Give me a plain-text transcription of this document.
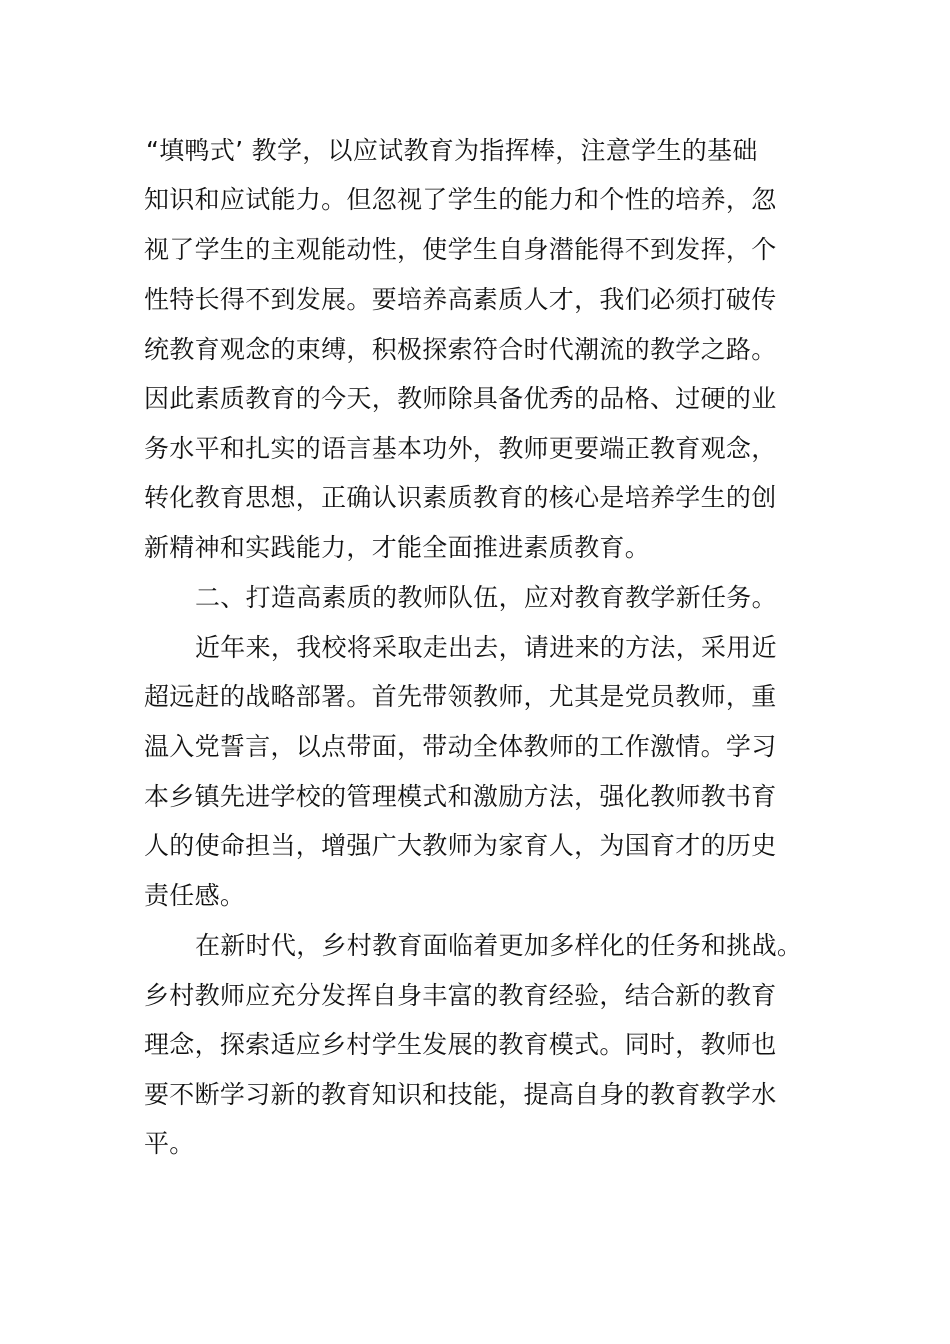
“填鸭式’ 教学，以应试教育为指挥棒，注意学生的基础
知识和应试能力。但忽视了学生的能力和个性的培养，忽
视了学生的主观能动性，使学生自身潜能得不到发挥，个
性特长得不到发展。要培养高素质人才，我们必须打破传
统教育观念的束缚，积极探索符合时代潮流的教学之路。
因此素质教育的今天，教师除具备优秀的品格、过硬的业
务水平和扎实的语言基本功外，教师更要端正教育观念，
转化教育思想，正确认识素质教育的核心是培养学生的创
新精神和实践能力，才能全面推进素质教育。
二、打造高素质的教师队伍，应对教育教学新任务。
近年来，我校将采取走出去，请进来的方法，采用近
超远赶的战略部署。首先带领教师，尤其是党员教师，重
温入党誓言，以点带面，带动全体教师的工作激情。学习
本乡镇先进学校的管理模式和激励方法，强化教师教书育
人的使命担当，增强广大教师为家育人，为国育才的历史
责任感。
在新时代，乡村教育面临着更加多样化的任务和挑战。
乡村教师应充分发挥自身丰富的教育经验，结合新的教育
理念，探索适应乡村学生发展的教育模式。同时，教师也
要不断学习新的教育知识和技能，提高自身的教育教学水
平。
